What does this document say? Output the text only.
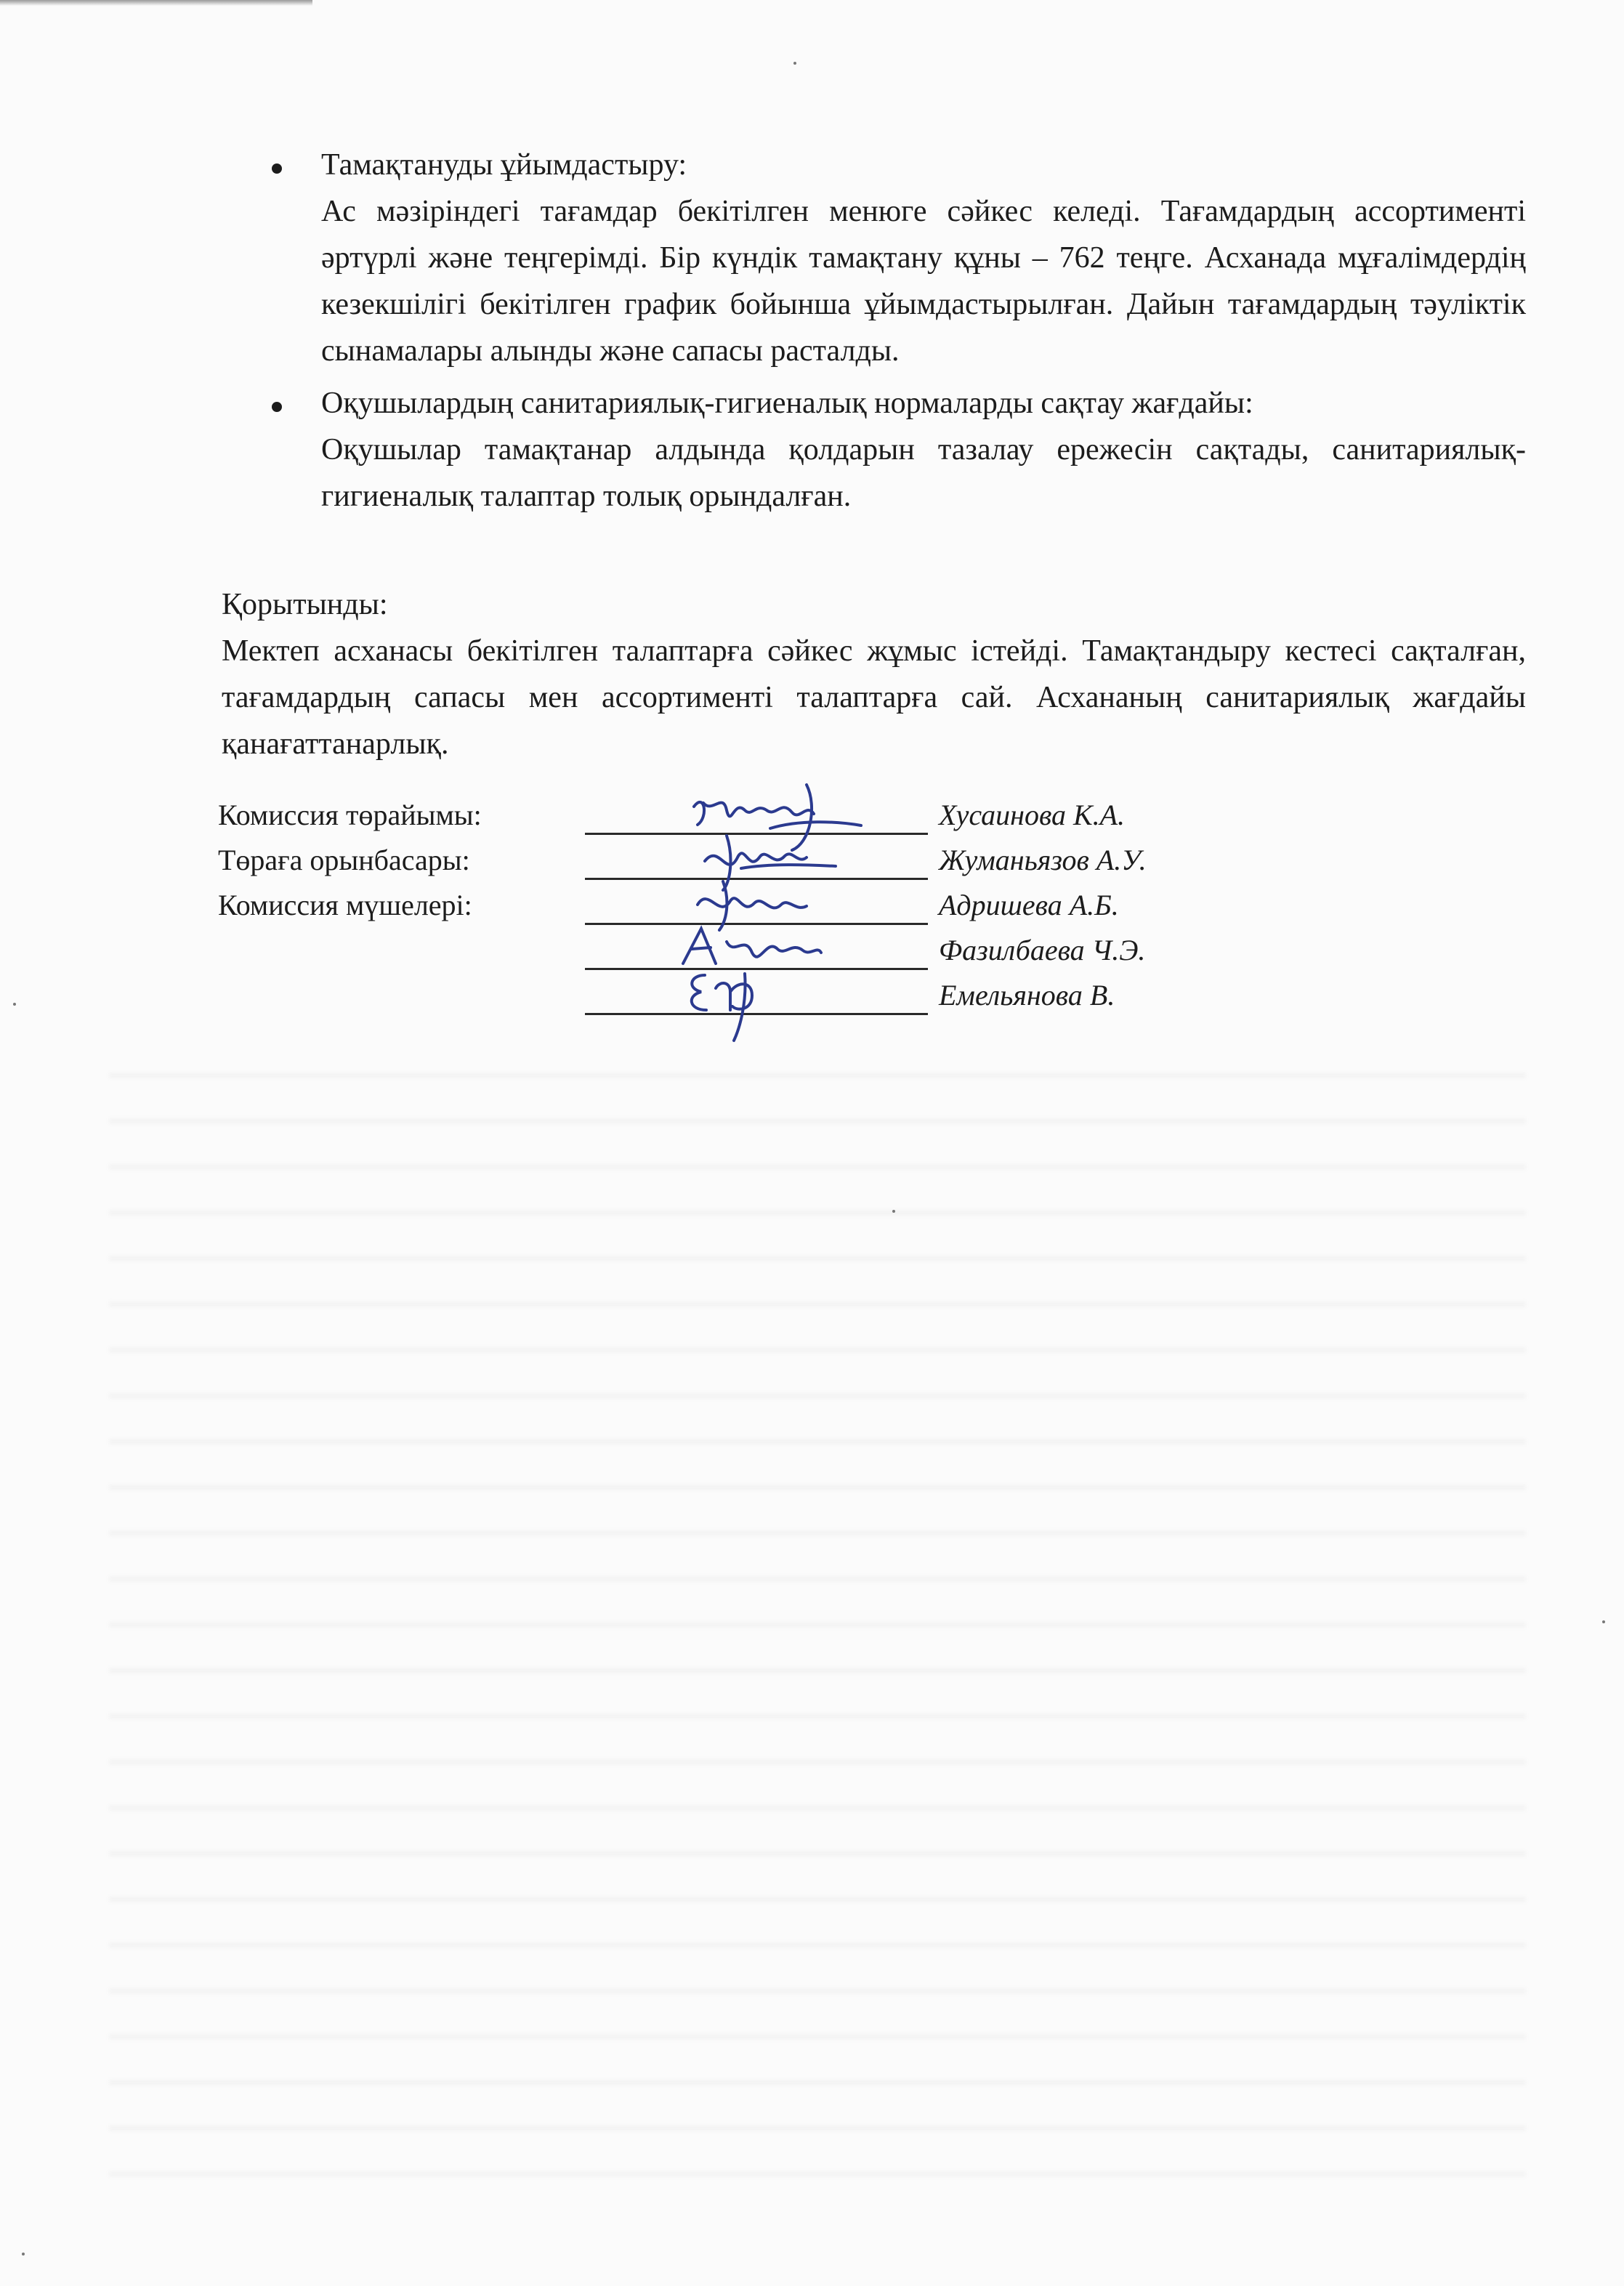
Тамақтануды ұйымдастыру:
Ас мәзіріндегі тағамдар бекітілген менюге сәйкес келеді. Тағамдардың ассортименті әртүрлі және теңгерімді. Бір күндік тамақтану құны – 762 теңге. Асханада мұғалімдердің кезекшілігі бекітілген график бойынша ұйымдастырылған. Дайын тағамдардың тәуліктік сынамалары алынды және сапасы расталды.
Оқушылардың санитариялық-гигиеналық нормаларды сақтау жағдайы:
Оқушылар тамақтанар алдында қолдарын тазалау ережесін сақтады, санитариялық-гигиеналық талаптар толық орындалған.
Қорытынды:
Мектеп асханасы бекітілген талаптарға сәйкес жұмыс істейді. Тамақтандыру кестесі сақталған, тағамдардың сапасы мен ассортименті талаптарға сай. Асхананың санитариялық жағдайы қанағаттанарлық.
Комиссия төрайымы:	Хусаинова К.А.
Төраға орынбасары:	Жуманьязов А.У.
Комиссия мүшелері:	Адришева А.Б.
Фазилбаева Ч.Э.
Емельянова В.
